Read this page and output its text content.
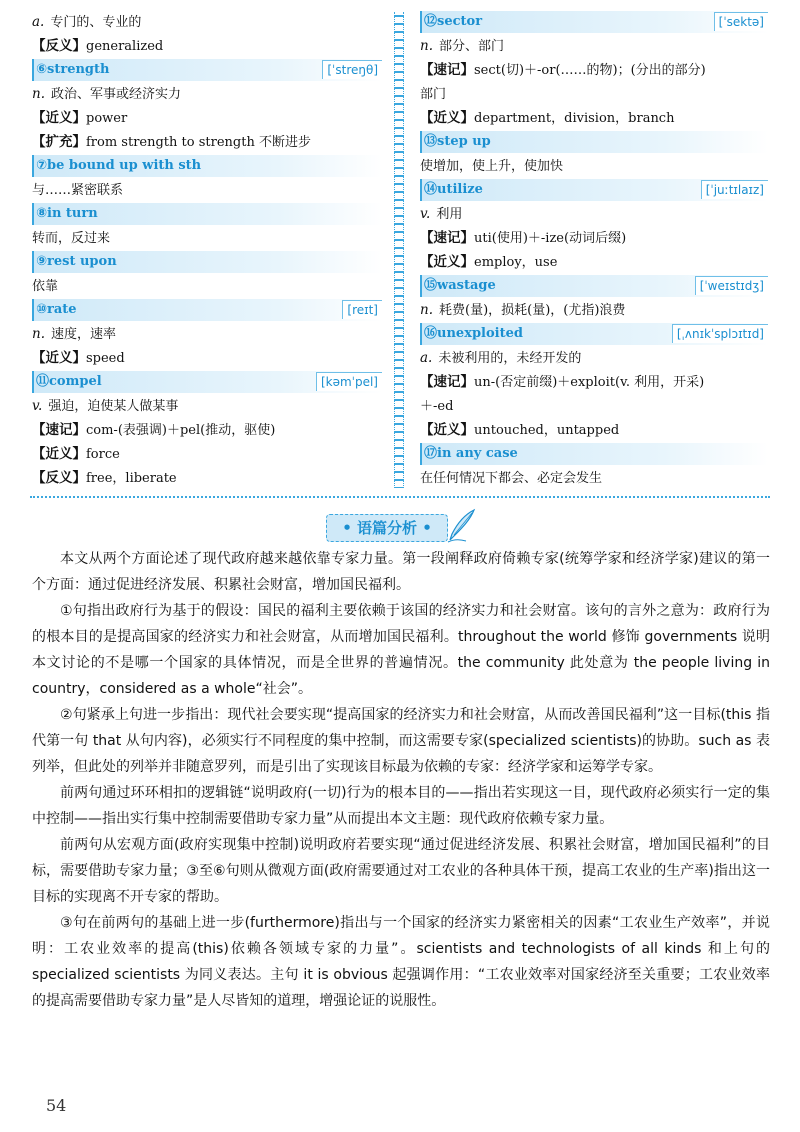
a. 专门的、专业的
【反义】generalized
⑥strength	[ˈstreŋθ]
n. 政治、军事或经济实力
【近义】power
【扩充】from strength to strength 不断进步
⑦be bound up with sth
与……紧密联系
⑧in turn
转而，反过来
⑨rest upon
依靠
⑩rate	[reɪt]
n. 速度，速率
【近义】speed
⑪compel	[kəmˈpel]
v. 强迫，迫使某人做某事
【速记】com-(表强调)＋pel(推动，驱使)
【近义】force
【反义】free，liberate
⑫sector	[ˈsektə]
n. 部分、部门
【速记】sect(切)＋-or(……的物)；(分出的部分)
部门
【近义】department，division，branch
⑬step up
使增加，使上升，使加快
⑭utilize	[ˈjuːtɪlaɪz]
v. 利用
【速记】uti(使用)＋-ize(动词后缀)
【近义】employ，use
⑮wastage	[ˈweɪstɪdʒ]
n. 耗费(量)，损耗(量)，(尤指)浪费
⑯unexploited	[ˌʌnɪkˈsplɔɪtɪd]
a. 未被利用的，未经开发的
【速记】un-(否定前缀)＋exploit(v. 利用，开采)
＋-ed
【近义】untouched，untapped
⑰in any case
在任何情况下都会、必定会发生
• 语篇分析 •

本文从两个方面论述了现代政府越来越依靠专家力量。第一段阐释政府倚赖专家(统筹学家和经济学家)建议的第一个方面：通过促进经济发展、积累社会财富，增加国民福利。

①句指出政府行为基于的假设：国民的福利主要依赖于该国的经济实力和社会财富。该句的言外之意为：政府行为的根本目的是提高国家的经济实力和社会财富，从而增加国民福利。throughout the world 修饰 governments 说明本文讨论的不是哪一个国家的具体情况，而是全世界的普遍情况。the community 此处意为 the people living in country，considered as a whole“社会”。

②句紧承上句进一步指出：现代社会要实现“提高国家的经济实力和社会财富，从而改善国民福利”这一目标(this 指代第一句 that 从句内容)，必须实行不同程度的集中控制，而这需要专家(specialized scientists)的协助。such as 表列举，但此处的列举并非随意罗列，而是引出了实现该目标最为依赖的专家：经济学家和运筹学专家。

前两句通过环环相扣的逻辑链“说明政府(一切)行为的根本目的——指出若实现这一目，现代政府必须实行一定的集中控制——指出实行集中控制需要借助专家力量”从而提出本文主题：现代政府依赖专家力量。

前两句从宏观方面(政府实现集中控制)说明政府若要实现“通过促进经济发展、积累社会财富，增加国民福利”的目标，需要借助专家力量；③至⑥句则从微观方面(政府需要通过对工农业的各种具体干预，提高工农业的生产率)指出这一目标的实现离不开专家的帮助。

③句在前两句的基础上进一步(furthermore)指出与一个国家的经济实力紧密相关的因素“工农业生产效率”，并说明：工农业效率的提高(this)依赖各领域专家的力量”。scientists and technologists of all kinds 和上句的 specialized scientists 为同义表达。主句 it is obvious 起强调作用：“工农业效率对国家经济至关重要；工农业效率的提高需要借助专家力量”是人尽皆知的道理，增强论证的说服性。

54
